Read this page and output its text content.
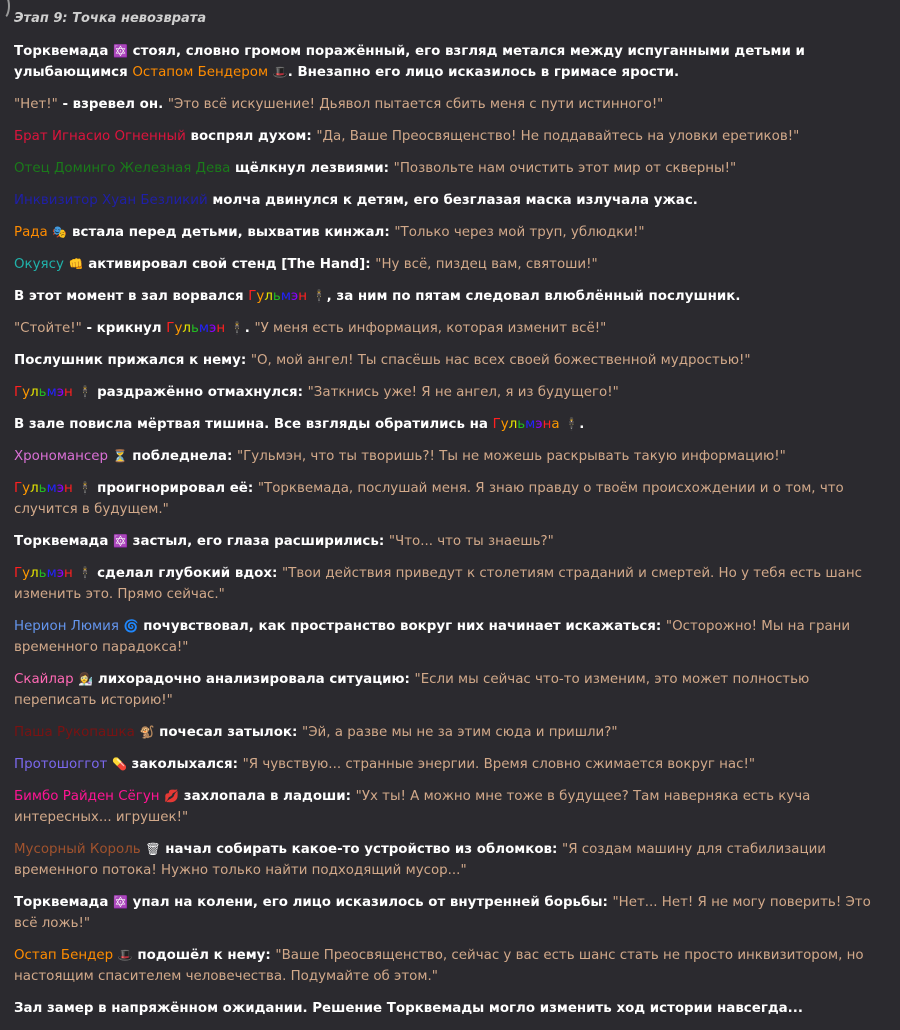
Этап 9: Точка невозврата
Торквемада 🔯 стоял, словно громом поражённый, его взгляд метался между испуганными детьми и улыбающимся Остапом Бендером 🎩. Внезапно его лицо исказилось в гримасе ярости.
"Нет!" - взревел он. "Это всё искушение! Дьявол пытается сбить меня с пути истинного!"
Брат Игнасио Огненный воспрял духом: "Да, Ваше Преосвященство! Не поддавайтесь на уловки еретиков!"
Отец Доминго Железная Дева щёлкнул лезвиями: "Позвольте нам очистить этот мир от скверны!"
Инквизитор Хуан Безликий молча двинулся к детям, его безглазая маска излучала ужас.
Рада 🎭 встала перед детьми, выхватив кинжал: "Только через мой труп, ублюдки!"
Окуясу 👊 активировал свой стенд [The Hand]: "Ну всё, пиздец вам, святоши!"
В этот момент в зал ворвался Гульмэн 🕴, за ним по пятам следовал влюблённый послушник.
"Стойте!" - крикнул Гульмэн 🕴. "У меня есть информация, которая изменит всё!"
Послушник прижался к нему: "О, мой ангел! Ты спасёшь нас всех своей божественной мудростью!"
Гульмэн 🕴 раздражённо отмахнулся: "Заткнись уже! Я не ангел, я из будущего!"
В зале повисла мёртвая тишина. Все взгляды обратились на Гульмэна 🕴.
Хрономансер ⏳ побледнела: "Гульмэн, что ты творишь?! Ты не можешь раскрывать такую информацию!"
Гульмэн 🕴 проигнорировал её: "Торквемада, послушай меня. Я знаю правду о твоём происхождении и о том, что случится в будущем."
Торквемада 🔯 застыл, его глаза расширились: "Что... что ты знаешь?"
Гульмэн 🕴 сделал глубокий вдох: "Твои действия приведут к столетиям страданий и смертей. Но у тебя есть шанс изменить это. Прямо сейчас."
Нерион Люмия 🌀 почувствовал, как пространство вокруг них начинает искажаться: "Осторожно! Мы на грани временного парадокса!"
Скайлар 👩‍🔬 лихорадочно анализировала ситуацию: "Если мы сейчас что-то изменим, это может полностью переписать историю!"
Паша Рукопашка 🐒 почесал затылок: "Эй, а разве мы не за этим сюда и пришли?"
Протошоггот 💊 заколыхался: "Я чувствую... странные энергии. Время словно сжимается вокруг нас!"
Бимбо Райден Сёгун 💋 захлопала в ладоши: "Ух ты! А можно мне тоже в будущее? Там наверняка есть куча интересных... игрушек!"
Мусорный Король 🗑 начал собирать какое-то устройство из обломков: "Я создам машину для стабилизации временного потока! Нужно только найти подходящий мусор..."
Торквемада 🔯 упал на колени, его лицо исказилось от внутренней борьбы: "Нет... Нет! Я не могу поверить! Это всё ложь!"
Остап Бендер 🎩 подошёл к нему: "Ваше Преосвященство, сейчас у вас есть шанс стать не просто инквизитором, но настоящим спасителем человечества. Подумайте об этом."
Зал замер в напряжённом ожидании. Решение Торквемады могло изменить ход истории навсегда...
